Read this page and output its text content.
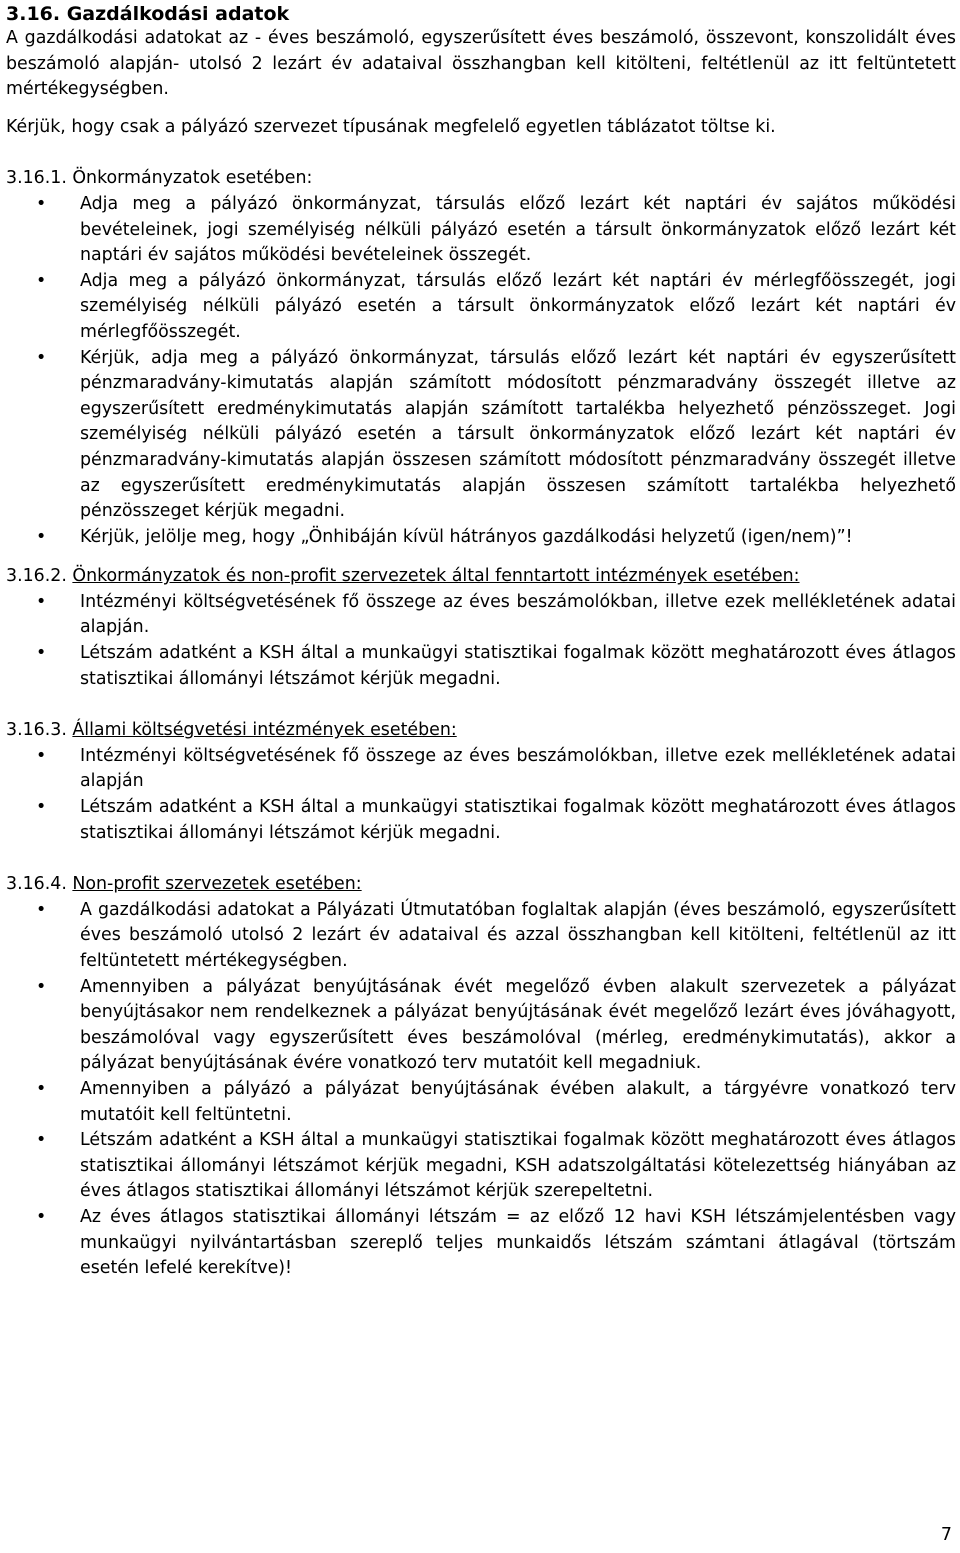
3.16. Gazdálkodási adatok
A gazdálkodási adatokat az - éves beszámoló, egyszerűsített éves beszámoló, összevont, konszolidált éves beszámoló alapján- utolsó 2 lezárt év adataival összhangban kell kitölteni, feltétlenül az itt feltüntetett mértékegységben.
Kérjük, hogy csak a pályázó szervezet típusának megfelelő egyetlen táblázatot töltse ki.
3.16.1. Önkormányzatok esetében:
• Adja meg a pályázó önkormányzat, társulás előző lezárt két naptári év sajátos működési bevételeinek, jogi személyiség nélküli pályázó esetén a társult önkormányzatok előző lezárt két naptári év sajátos működési bevételeinek összegét.
• Adja meg a pályázó önkormányzat, társulás előző lezárt két naptári év mérlegfőösszegét, jogi személyiség nélküli pályázó esetén a társult önkormányzatok előző lezárt két naptári év mérlegfőösszegét.
• Kérjük, adja meg a pályázó önkormányzat, társulás előző lezárt két naptári év egyszerűsített pénzmaradvány-kimutatás alapján számított módosított pénzmaradvány összegét illetve az egyszerűsített eredménykimutatás alapján számított tartalékba helyezhető pénzösszeget. Jogi személyiség nélküli pályázó esetén a társult önkormányzatok előző lezárt két naptári év pénzmaradvány-kimutatás alapján összesen számított módosított pénzmaradvány összegét illetve az egyszerűsített eredménykimutatás alapján összesen számított tartalékba helyezhető pénzösszeget kérjük megadni.
• Kérjük, jelölje meg, hogy „Önhibáján kívül hátrányos gazdálkodási helyzetű (igen/nem)”!
3.16.2. Önkormányzatok és non-profit szervezetek által fenntartott intézmények esetében:
• Intézményi költségvetésének fő összege az éves beszámolókban, illetve ezek mellékletének adatai alapján.
• Létszám adatként a KSH által a munkaügyi statisztikai fogalmak között meghatározott éves átlagos statisztikai állományi létszámot kérjük megadni.
3.16.3. Állami költségvetési intézmények esetében:
• Intézményi költségvetésének fő összege az éves beszámolókban, illetve ezek mellékletének adatai alapján
• Létszám adatként a KSH által a munkaügyi statisztikai fogalmak között meghatározott éves átlagos statisztikai állományi létszámot kérjük megadni.
3.16.4. Non-profit szervezetek esetében:
• A gazdálkodási adatokat a Pályázati Útmutatóban foglaltak alapján (éves beszámoló, egyszerűsített éves beszámoló utolsó 2 lezárt év adataival és azzal összhangban kell kitölteni, feltétlenül az itt feltüntetett mértékegységben.
• Amennyiben a pályázat benyújtásának évét megelőző évben alakult szervezetek a pályázat benyújtásakor nem rendelkeznek a pályázat benyújtásának évét megelőző lezárt éves jóváhagyott, beszámolóval vagy egyszerűsített éves beszámolóval (mérleg, eredménykimutatás), akkor a pályázat benyújtásának évére vonatkozó terv mutatóit kell megadniuk.
• Amennyiben a pályázó a pályázat benyújtásának évében alakult, a tárgyévre vonatkozó terv mutatóit kell feltüntetni.
• Létszám adatként a KSH által a munkaügyi statisztikai fogalmak között meghatározott éves átlagos statisztikai állományi létszámot kérjük megadni, KSH adatszolgáltatási kötelezettség hiányában az éves átlagos statisztikai állományi létszámot kérjük szerepeltetni.
• Az éves átlagos statisztikai állományi létszám = az előző 12 havi KSH létszámjelentésben vagy munkaügyi nyilvántartásban szereplő teljes munkaidős létszám számtani átlagával (törtszám esetén lefelé kerekítve)!
7
